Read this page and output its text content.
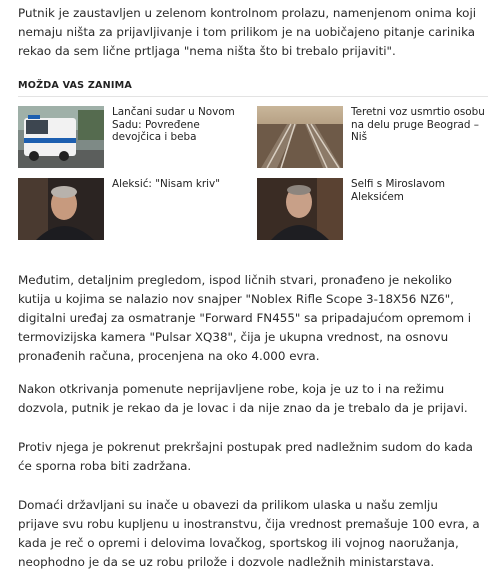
Putnik je zaustavljen u zelenom kontrolnom prolazu, namenjenom onima koji nemaju ništa za prijavljivanje i tom prilikom je na uobičajeno pitanje carinika rekao da sem lične prtljaga "nema ništa što bi trebalo prijaviti".

MOŽDA VAS ZANIMA

Lančani sudar u Novom Sadu: Povređene devojčica i beba

Teretni voz usmrtio osobu na delu pruge Beograd – Niš

Aleksić: "Nisam kriv"	Selfi s Miroslavom Aleksićem

Međutim, detaljnim pregledom, ispod ličnih stvari, pronađeno je nekoliko kutija u kojima se nalazio nov snajper "Noblex Rifle Scope 3-18X56 NZ6", digitalni uređaj za osmatranje "Forward FN455" sa pripadajućom opremom i termovizijska kamera "Pulsar XQ38", čija je ukupna vrednost, na osnovu pronađenih računa, procenjena na oko 4.000 evra.

Nakon otkrivanja pomenute neprijavljene robe, koja je uz to i na režimu dozvola, putnik je rekao da je lovac i da nije znao da je trebalo da je prijavi.

Protiv njega je pokrenut prekršajni postupak pred nadležnim sudom do kada će sporna roba biti zadržana.

Domaći državljani su inače u obavezi da prilikom ulaska u našu zemlju prijave svu robu kupljenu u inostranstvu, čija vrednost premašuje 100 evra, a kada je reč o opremi i delovima lovačkog, sportskog ili vojnog naoružanja, neophodno je da se uz robu prilože i dozvole nadležnih ministarstava.
